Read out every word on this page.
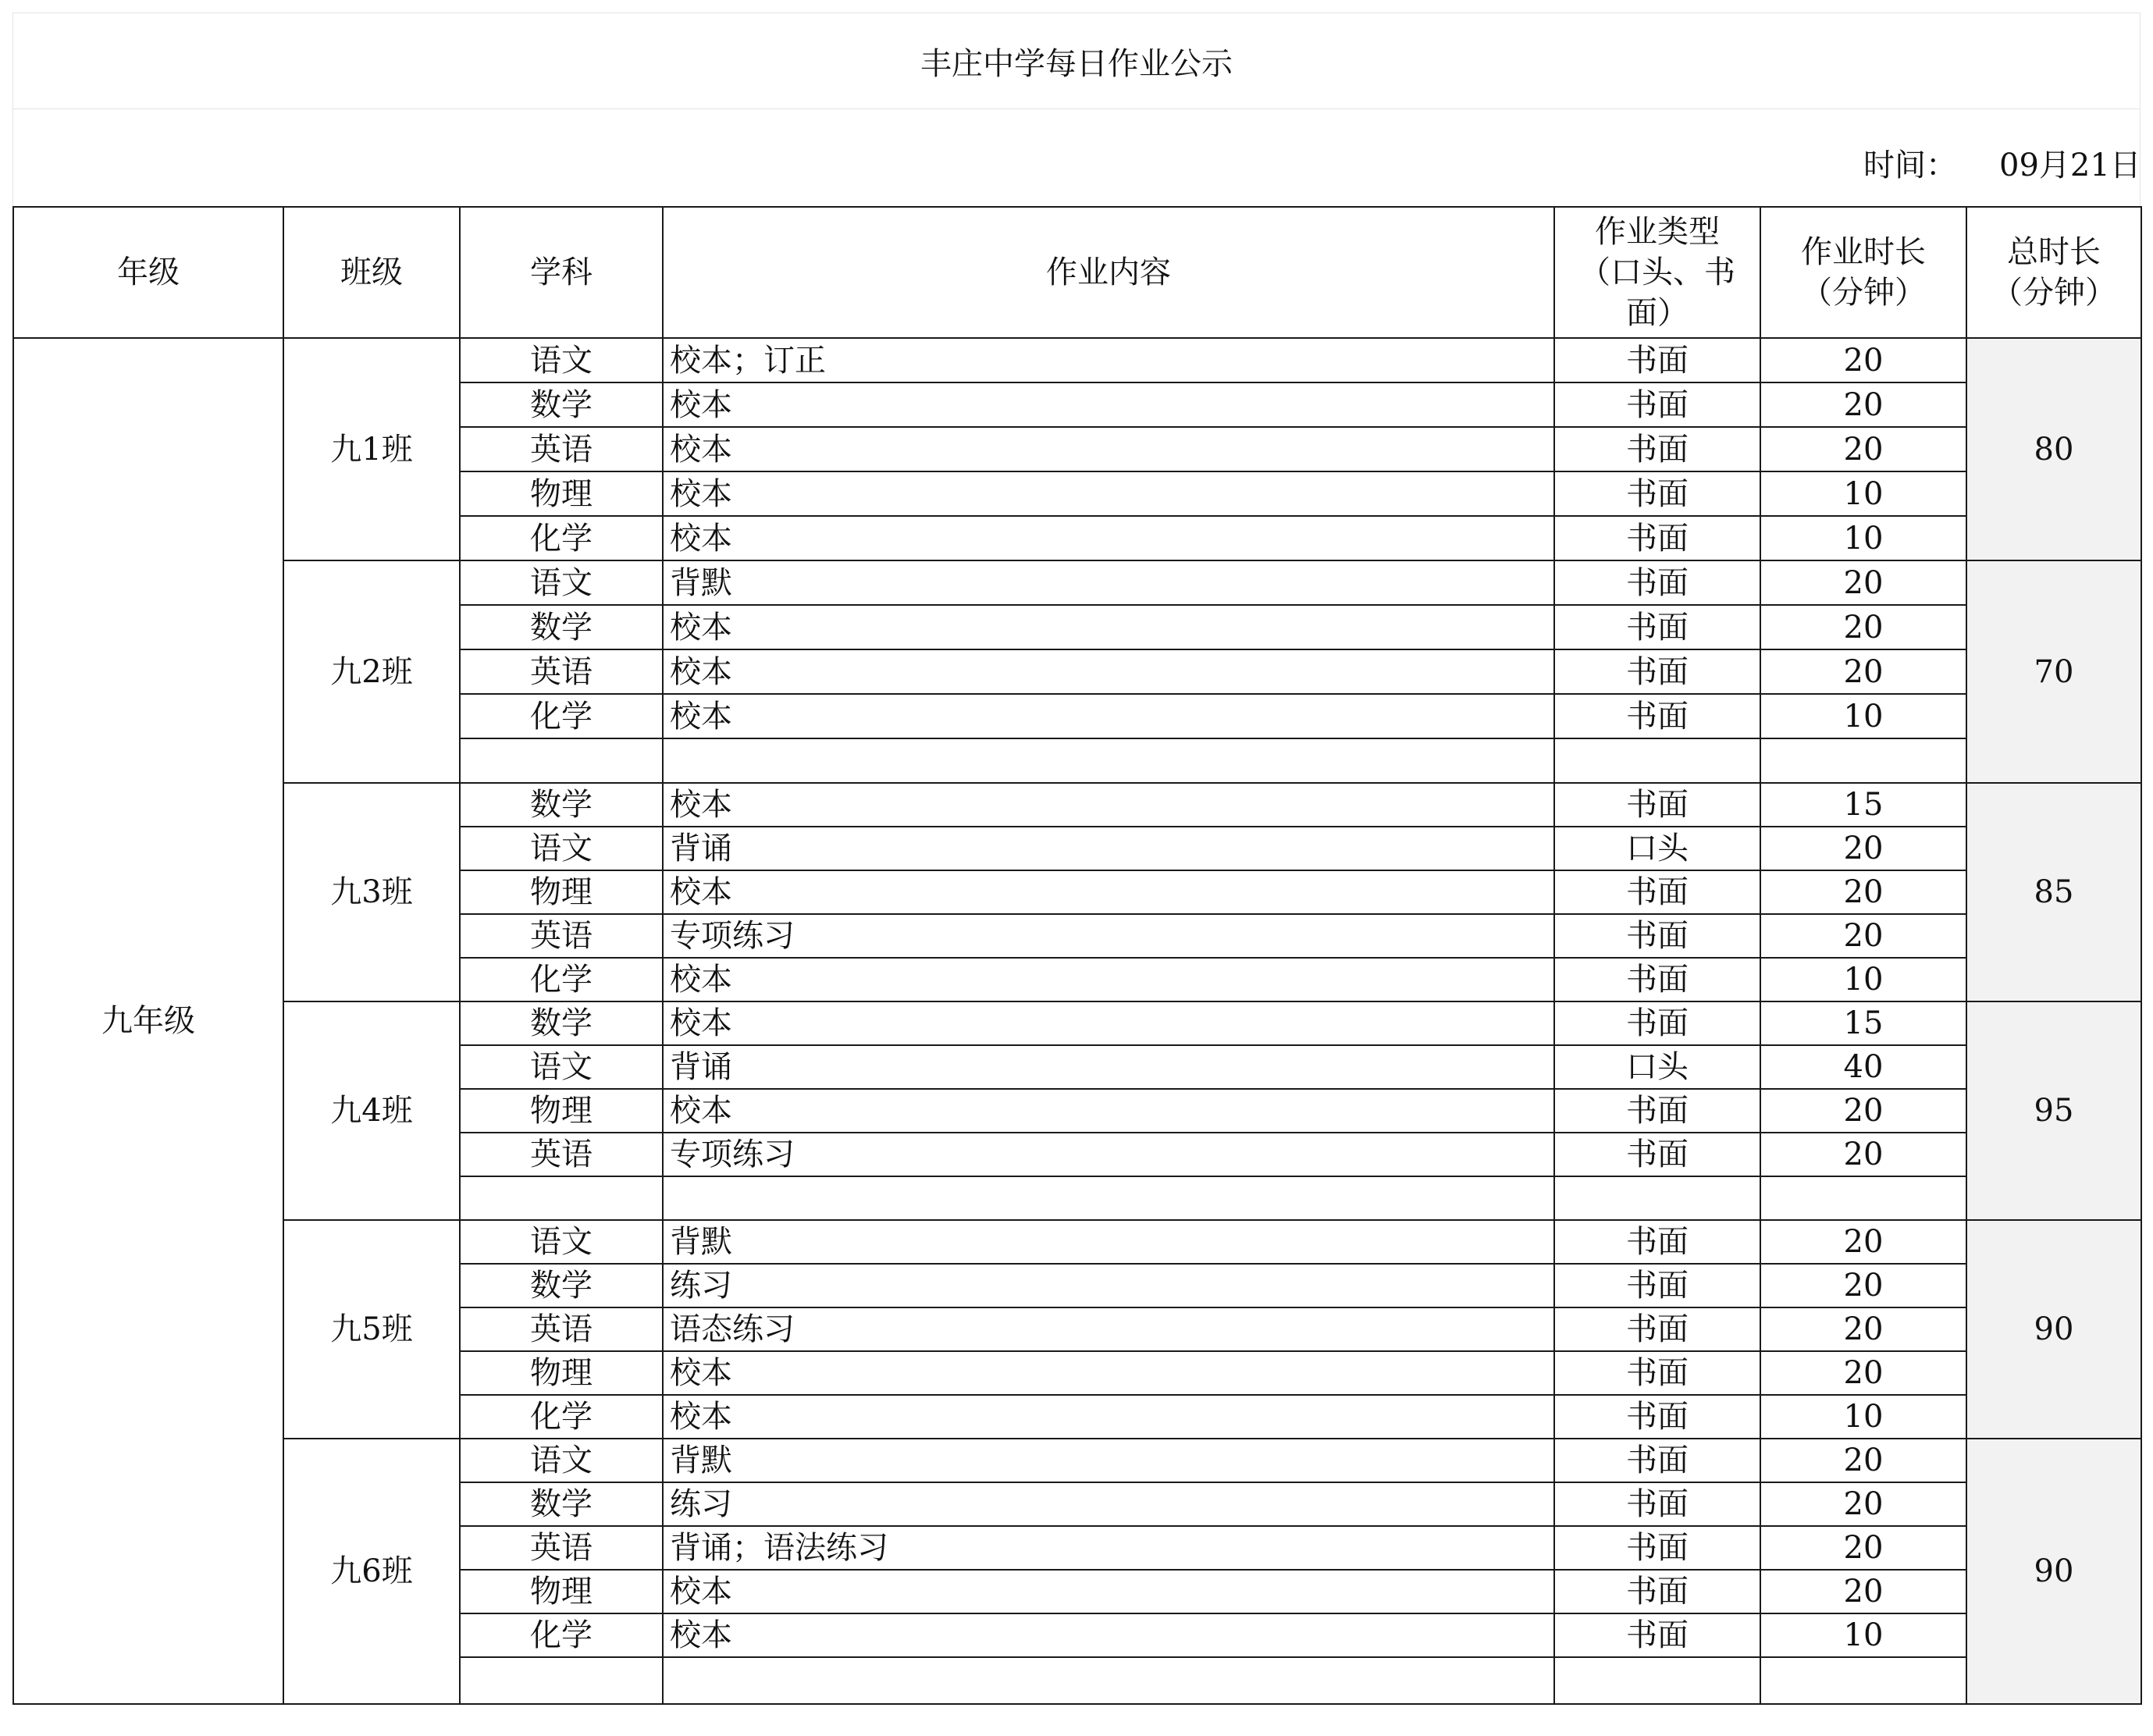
丰庄中学每日作业公示
时间： 09月21日
年级	班级	学科	作业内容	作业类型
（口头、书
面）	作业时长
（分钟）	总时长
（分钟）

九年级	九1班	语文	校本；订正	书面	20	80
		数学	校本	书面	20	
		英语	校本	书面	20	
		物理	校本	书面	10	
		化学	校本	书面	10	
	九2班	语文	背默	书面	20	70
		数学	校本	书面	20	
		英语	校本	书面	20	
		化学	校本	书面	10	

	九3班	数学	校本	书面	15	85
		语文	背诵	口头	20	
		物理	校本	书面	20	
		英语	专项练习	书面	20	
		化学	校本	书面	10	
	九4班	数学	校本	书面	15	95
		语文	背诵	口头	40	
		物理	校本	书面	20	
		英语	专项练习	书面	20	

	九5班	语文	背默	书面	20	90
		数学	练习	书面	20	
		英语	语态练习	书面	20	
		物理	校本	书面	20	
		化学	校本	书面	10	
	九6班	语文	背默	书面	20	90
		数学	练习	书面	20	
		英语	背诵；语法练习	书面	20	
		物理	校本	书面	20	
		化学	校本	书面	10	
